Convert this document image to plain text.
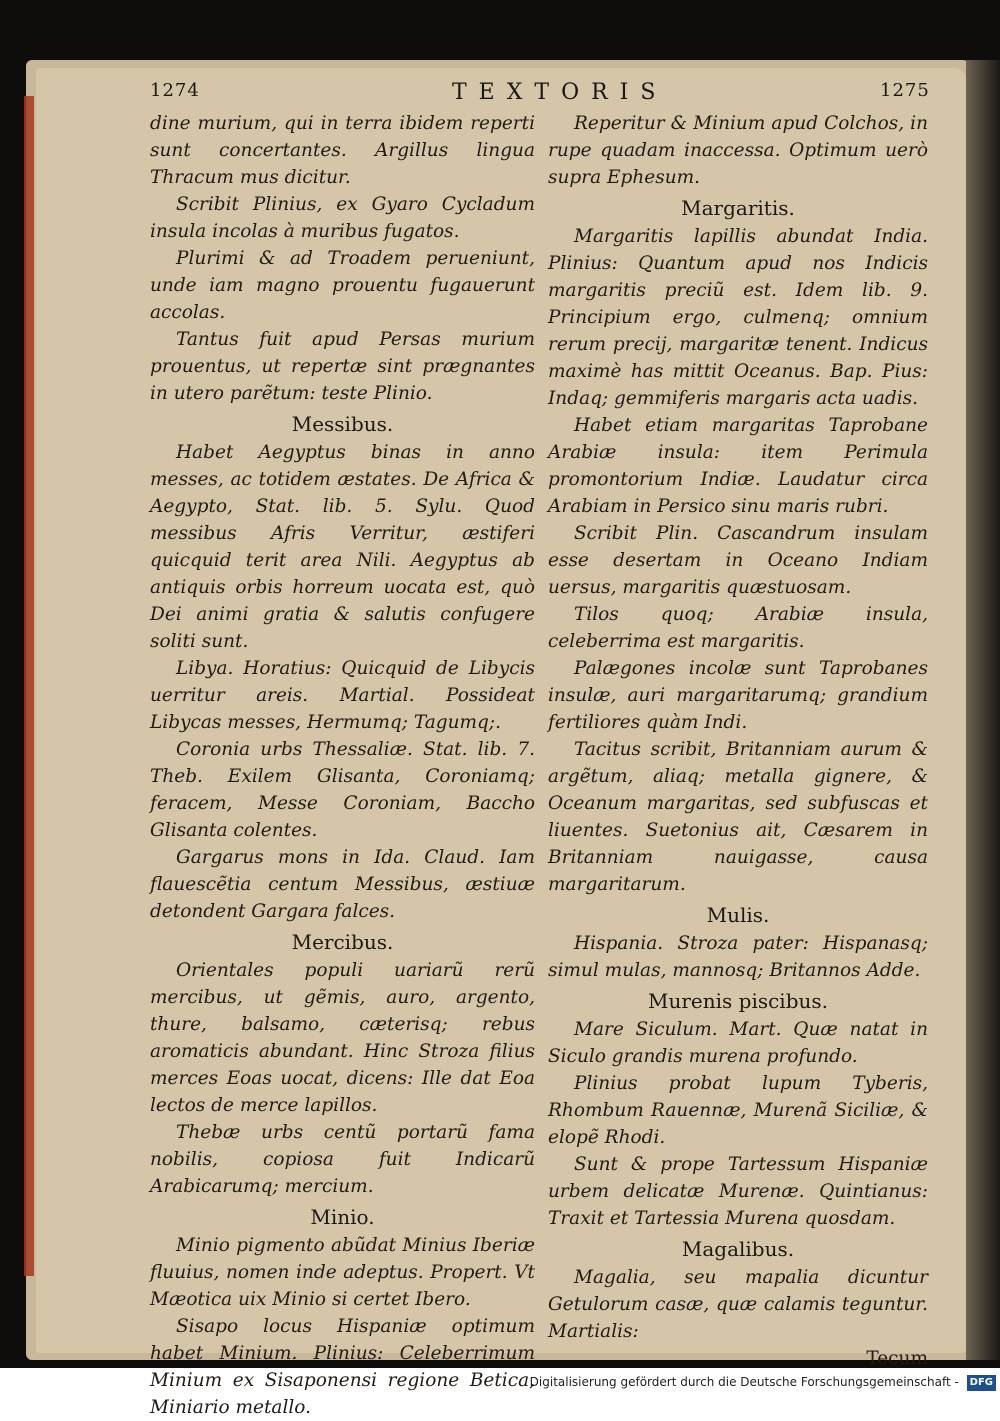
1274	TEXTORIS	1275

dine murium, qui in terra ibidem reperti sunt concertantes. Argillus lingua Thracum mus dicitur.

Scribit Plinius, ex Gyaro Cycladum insula incolas à muribus fugatos.

Plurimi & ad Troadem perueniunt, unde iam magno prouentu fugauerunt accolas.

Tantus fuit apud Persas murium prouentus, ut repertæ sint prægnantes in utero parẽtum: teste Plinio.

Messibus.

Habet Aegyptus binas in anno messes, ac totidem æstates. De Africa & Aegypto, Stat. lib. 5. Sylu. Quod messibus Afris Verritur, æstiferi quicquid terit area Nili. Aegyptus ab antiquis orbis horreum uocata est, quò Dei animi gratia & salutis confugere soliti sunt.

Libya. Horatius: Quicquid de Libycis uerritur areis. Martial. Possideat Libycas messes, Hermumq; Tagumq;.

Coronia urbs Thessaliæ. Stat. lib. 7. Theb. Exilem Glisanta, Coroniamq; feracem, Messe Coroniam, Baccho Glisanta colentes.

Gargarus mons in Ida. Claud. Iam flauescẽtia centum Messibus, æstiuæ detondent Gargara falces.

Mercibus.

Orientales populi uariarũ rerũ mercibus, ut gẽmis, auro, argento, thure, balsamo, cæterisq; rebus aromaticis abundant. Hinc Stroza filius merces Eoas uocat, dicens: Ille dat Eoa lectos de merce lapillos.

Thebæ urbs centũ portarũ fama nobilis, copiosa fuit Indicarũ Arabicarumq; mercium.

Minio.

Minio pigmento abũdat Minius Iberiæ fluuius, nomen inde adeptus. Propert. Vt Mæotica uix Minio si certet Ibero.

Sisapo locus Hispaniæ optimum habet Minium. Plinius: Celeberrimum Minium ex Sisaponensi regione Betica, Miniario metallo.

Reperitur & Minium apud Colchos, in rupe quadam inaccessa. Optimum uerò supra Ephesum.

Margaritis.

Margaritis lapillis abundat India. Plinius: Quantum apud nos Indicis margaritis preciũ est. Idem lib. 9. Principium ergo, culmenq; omnium rerum precij, margaritæ tenent. Indicus maximè has mittit Oceanus. Bap. Pius: Indaq; gemmiferis margaris acta uadis.

Habet etiam margaritas Taprobane Arabiæ insula: item Perimula promontorium Indiæ. Laudatur circa Arabiam in Persico sinu maris rubri.

Scribit Plin. Cascandrum insulam esse desertam in Oceano Indiam uersus, margaritis quæstuosam.

Tilos quoq; Arabiæ insula, celeberrima est margaritis.

Palægones incolæ sunt Taprobanes insulæ, auri margaritarumq; grandium fertiliores quàm Indi.

Tacitus scribit, Britanniam aurum & argẽtum, aliaq; metalla gignere, & Oceanum margaritas, sed subfuscas et liuentes. Suetonius ait, Cæsarem in Britanniam nauigasse, causa margaritarum.

Mulis.

Hispania. Stroza pater: Hispanasq; simul mulas, mannosq; Britannos Adde.

Murenis piscibus.

Mare Siculum. Mart. Quæ natat in Siculo grandis murena profundo.

Plinius probat lupum Tyberis, Rhombum Rauennæ, Murenã Siciliæ, & elopẽ Rhodi.

Sunt & prope Tartessum Hispaniæ urbem delicatæ Murenæ. Quintianus: Traxit et Tartessia Murena quosdam.

Magalibus.

Magalia, seu mapalia dicuntur Getulorum casæ, quæ calamis teguntur. Martialis:

Tecum

Digitalisierung gefördert durch die Deutsche Forschungsgemeinschaft - DFG
